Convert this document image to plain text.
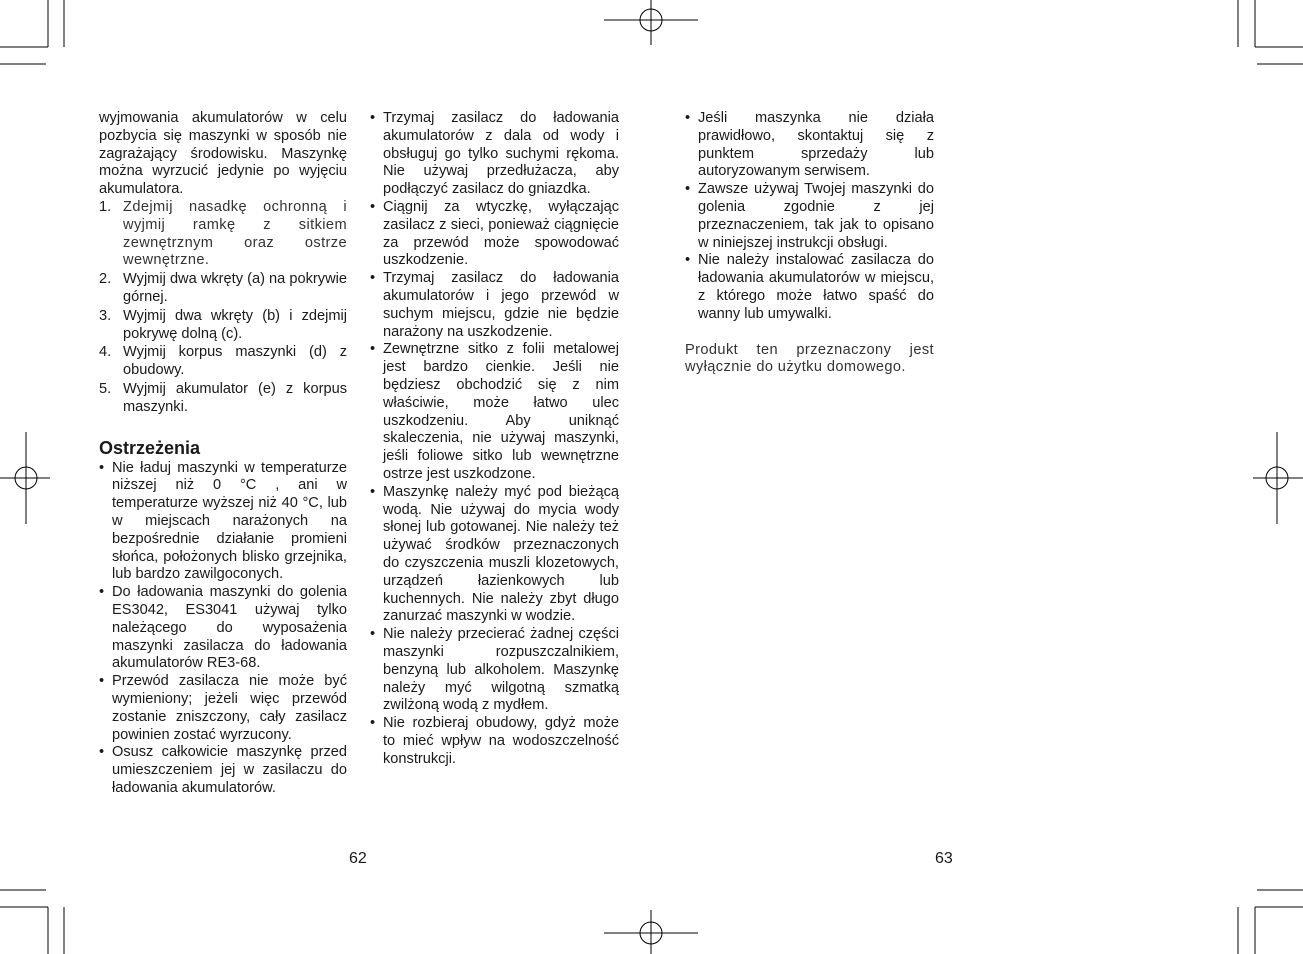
wyjmowania akumulatorów w celu pozbycia się maszynki w sposób nie zagrażający środowisku. Maszynkę można wyrzucić jedynie po wyjęciu akumulatora.

1. Zdejmij nasadkę ochronną i wyjmij ramkę z sitkiem zewnętrznym oraz ostrze wewnętrzne.
2. Wyjmij dwa wkręty (a) na pokrywie górnej.
3. Wyjmij dwa wkręty (b) i zdejmij pokrywę dolną (c).
4. Wyjmij korpus maszynki (d) z obudowy.
5. Wyjmij akumulator (e) z korpus maszynki.
Ostrzeżenia
• Nie ładuj maszynki w temperaturze niższej niż 0 °C , ani w temperaturze wyższej niż 40 °C, lub w miejscach narażonych na bezpośrednie działanie promieni słońca, położonych blisko grzejnika, lub bardzo zawilgoconych.
• Do ładowania maszynki do golenia ES3042, ES3041 używaj tylko należącego do wyposażenia maszynki zasilacza do ładowania akumulatorów RE3-68.
• Przewód zasilacza nie może być wymieniony; jeżeli więc przewód zostanie zniszczony, cały zasilacz powinien zostać wyrzucony.
• Osusz całkowicie maszynkę przed umieszczeniem jej w zasilaczu do ładowania akumulatorów.
• Trzymaj zasilacz do ładowania akumulatorów z dala od wody i obsługuj go tylko suchymi rękoma. Nie używaj przedłużacza, aby podłączyć zasilacz do gniazdka.
• Ciągnij za wtyczkę, wyłączając zasilacz z sieci, ponieważ ciągnięcie za przewód może spowodować uszkodzenie.
• Trzymaj zasilacz do ładowania akumulatorów i jego przewód w suchym miejscu, gdzie nie będzie narażony na uszkodzenie.
• Zewnętrzne sitko z folii metalowej jest bardzo cienkie. Jeśli nie będziesz obchodzić się z nim właściwie, może łatwo ulec uszkodzeniu. Aby uniknąć skaleczenia, nie używaj maszynki, jeśli foliowe sitko lub wewnętrzne ostrze jest uszkodzone.
• Maszynkę należy myć pod bieżącą wodą. Nie używaj do mycia wody słonej lub gotowanej. Nie należy też używać środków przeznaczonych do czyszczenia muszli klozetowych, urządzeń łazienkowych lub kuchennych. Nie należy zbyt długo zanurzać maszynki w wodzie.
• Nie należy przecierać żadnej części maszynki rozpuszczalnikiem, benzyną lub alkoholem. Maszynkę należy myć wilgotną szmatką zwilżoną wodą z mydłem.
• Nie rozbieraj obudowy, gdyż może to mieć wpływ na wodoszczelność konstrukcji.
62
• Jeśli maszynka nie działa prawidłowo, skontaktuj się z punktem sprzedaży lub autoryzowanym serwisem.
• Zawsze używaj Twojej maszynki do golenia zgodnie z jej przeznaczeniem, tak jak to opisano w niniejszej instrukcji obsługi.
• Nie należy instalować zasilacza do ładowania akumulatorów w miejscu, z którego może łatwo spaść do wanny lub umywalki.

Produkt ten przeznaczony jest wyłącznie do użytku domowego.

63
